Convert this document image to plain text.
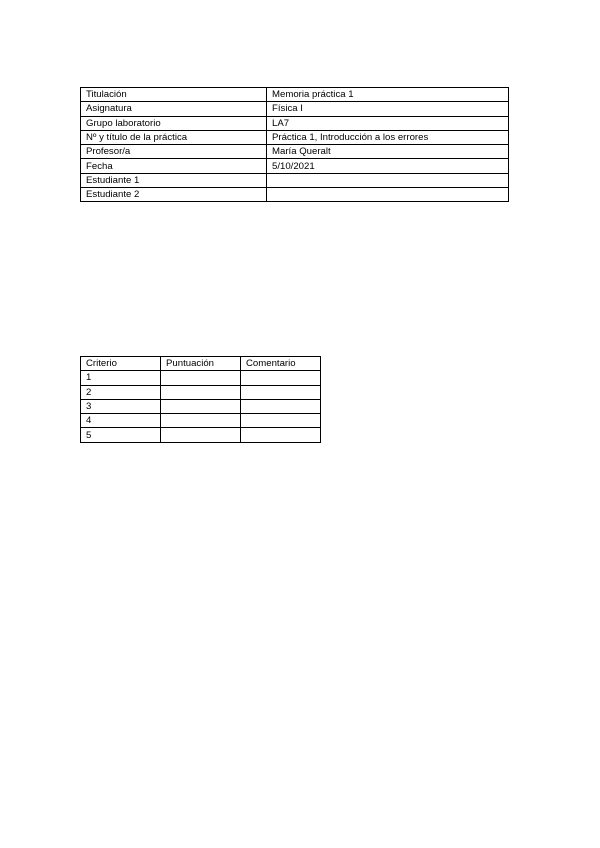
Titulación	Memoria práctica 1
Asignatura	Física I
Grupo laboratorio	LA7
Nº y título de la práctica	Práctica 1, Introducción a los errores
Profesor/a	María Queralt
Fecha	5/10/2021
Estudiante 1	
Estudiante 2	
Criterio	Puntuación	Comentario
1		
2		
3		
4		
5		
